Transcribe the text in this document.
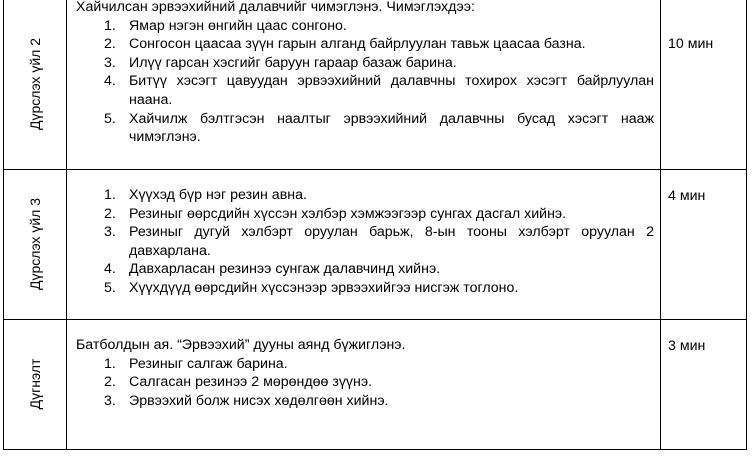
Дүрслэх үйл 2

Хайчилсан эрвээхийний далавчийг чимэглэнэ. Чимэглэхдээ:

1. Ямар нэгэн өнгийн цаас сонгоно.
2. Сонгосон цаасаа зүүн гарын алганд байрлуулан тавьж цаасаа базна.
3. Илүү гарсан хэсгийг баруун гараар базаж барина.
4. Битүү хэсэгт цавуудан эрвээхийний далавчны тохирох хэсэгт байрлуулан наана.
5. Хайчилж бэлтгэсэн наалтыг эрвээхийний далавчны бусад хэсэгт нааж чимэглэнэ.
10 мин
Дүрслэх үйл 3
1. Хүүхэд бүр нэг резин авна.
2. Резиныг өөрсдийн хүссэн хэлбэр хэмжээгээр сунгах дасгал хийнэ.
3. Резиныг дугуй хэлбэрт оруулан барьж, 8-ын тооны хэлбэрт оруулан 2 давхарлана.
4. Давхарласан резинээ сунгаж далавчинд хийнэ.
5. Хүүхдүүд өөрсдийн хүссэнээр эрвээхийгээ нисгэж тоглоно.
4 мин
Дүгнэлт

Батболдын ая. “Эрвээхий” дууны аянд бүжиглэнэ.

1. Резиныг салгаж барина.
2. Салгасан резинээ 2 мөрөндөө зүүнэ.
3. Эрвээхий болж нисэх хөдөлгөөн хийнэ.
3 мин
